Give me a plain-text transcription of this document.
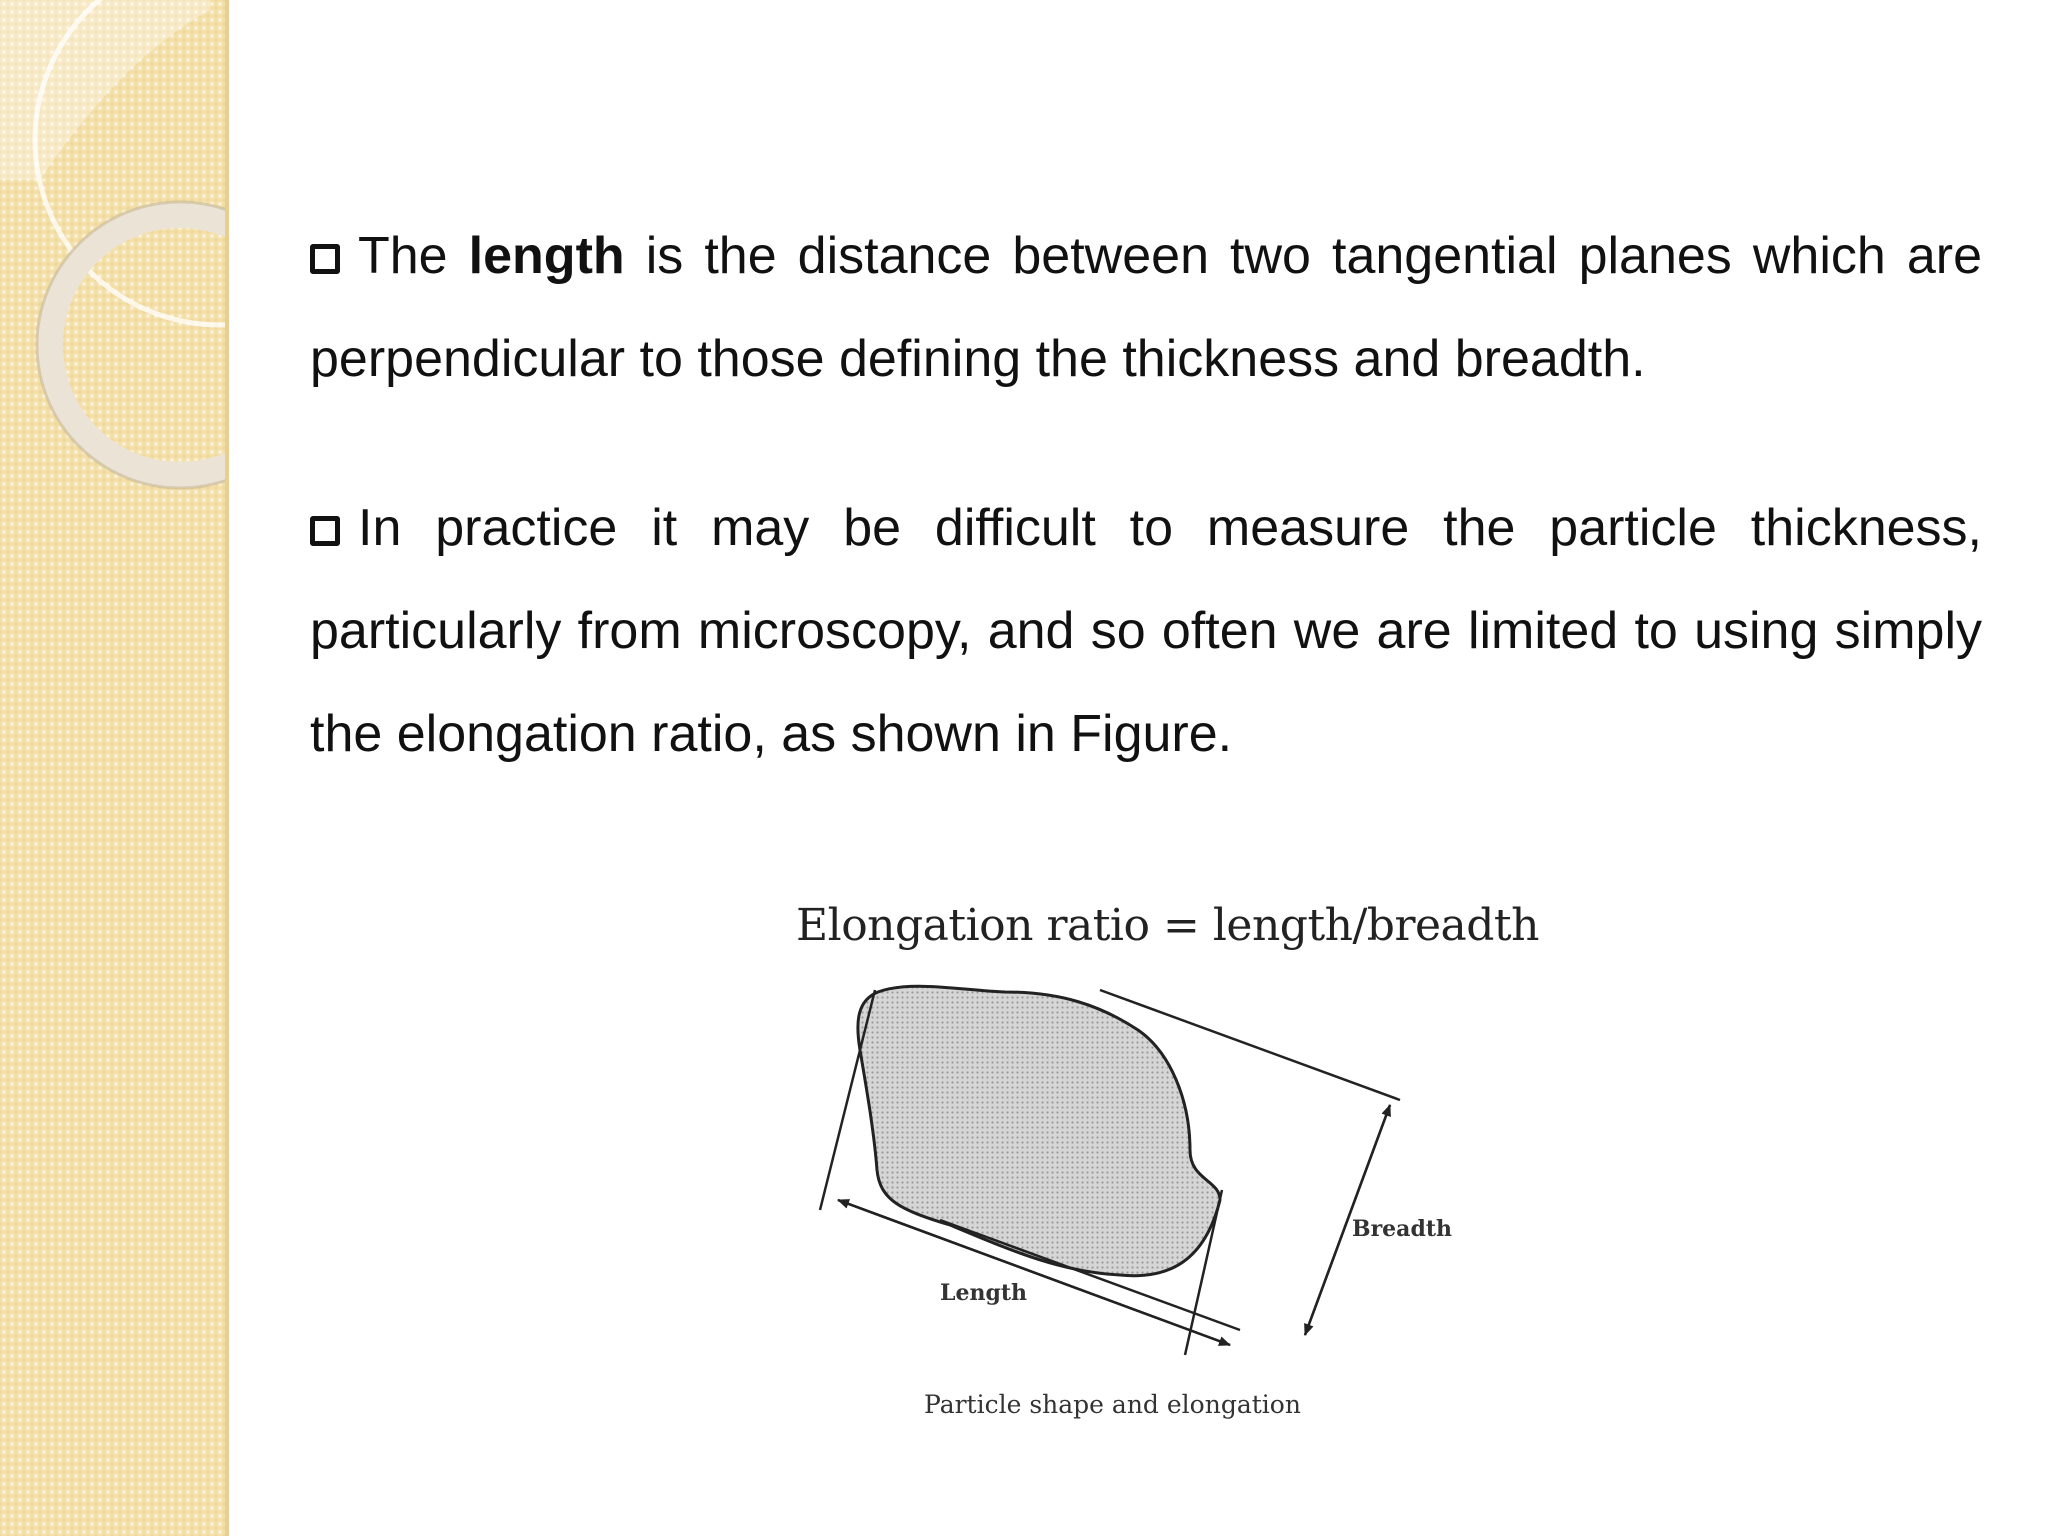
The length is the distance between two tangential planes which are perpendicular to those defining the thickness and breadth.

In practice it may be difficult to measure the particle thickness, particularly from microscopy, and so often we are limited to using simply the elongation ratio, as shown in Figure.

Elongation ratio = length/breadth
Length
Breadth
Particle shape and elongation
